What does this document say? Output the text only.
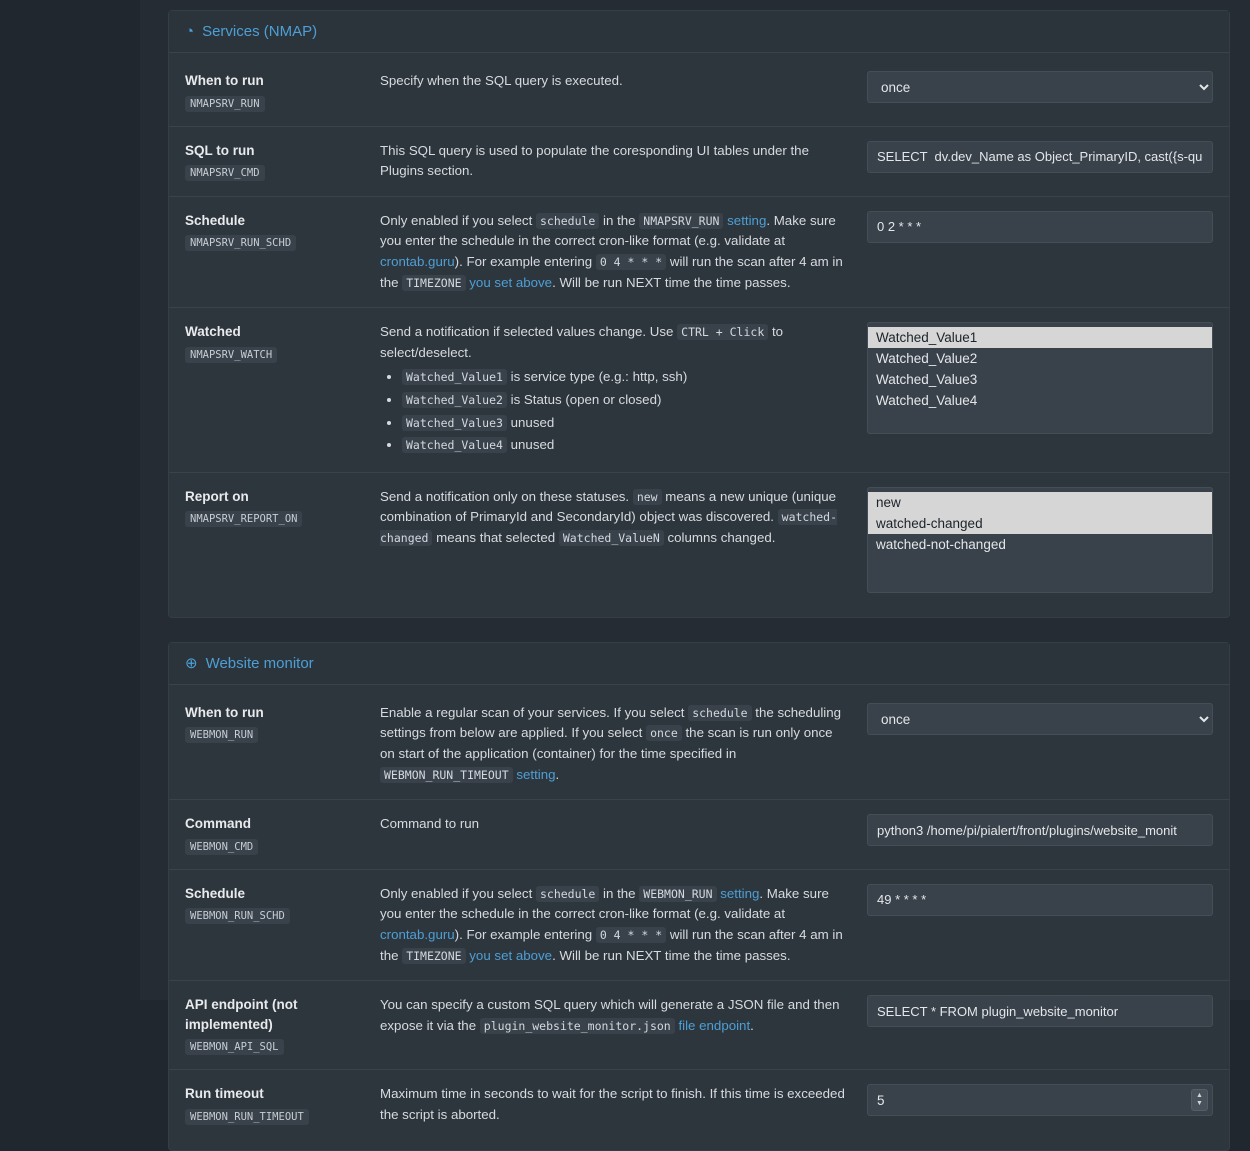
◔ Services (NMAP)
When to run
NMAPSRV_RUN
Specify when the SQL query is executed.
once
SQL to run
NMAPSRV_CMD
This SQL query is used to populate the coresponding UI tables under the Plugins section.
SELECT dv.dev_Name as Object_PrimaryID, cast({s-quo
Schedule
NMAPSRV_RUN_SCHD
Only enabled if you select schedule in the NMAPSRV_RUN setting. Make sure you enter the schedule in the correct cron-like format (e.g. validate at crontab.guru). For example entering 0 4 * * * will run the scan after 4 am in the TIMEZONE you set above. Will be run NEXT time the time passes.
0 2 * * *
Watched
NMAPSRV_WATCH
Send a notification if selected values change. Use CTRL + Click to select/deselect.
• Watched_Value1 is service type (e.g.: http, ssh)
• Watched_Value2 is Status (open or closed)
• Watched_Value3 unused
• Watched_Value4 unused
Watched_Value1
Watched_Value2
Watched_Value3
Watched_Value4
Report on
NMAPSRV_REPORT_ON
Send a notification only on these statuses. new means a new unique (unique combination of PrimaryId and SecondaryId) object was discovered. watched-changed means that selected Watched_ValueN columns changed.
new
watched-changed
watched-not-changed
⊕ Website monitor
When to run
WEBMON_RUN
Enable a regular scan of your services. If you select schedule the scheduling settings from below are applied. If you select once the scan is run only once on start of the application (container) for the time specified in WEBMON_RUN_TIMEOUT setting.
once
Command
WEBMON_CMD
Command to run
python3 /home/pi/pialert/front/plugins/website_monit
Schedule
WEBMON_RUN_SCHD
Only enabled if you select schedule in the WEBMON_RUN setting. Make sure you enter the schedule in the correct cron-like format (e.g. validate at crontab.guru). For example entering 0 4 * * * will run the scan after 4 am in the TIMEZONE you set above. Will be run NEXT time the time passes.
49 * * * *
API endpoint (not implemented)
WEBMON_API_SQL
You can specify a custom SQL query which will generate a JSON file and then expose it via the plugin_website_monitor.json file endpoint.
SELECT * FROM plugin_website_monitor
Run timeout
WEBMON_RUN_TIMEOUT
Maximum time in seconds to wait for the script to finish. If this time is exceeded the script is aborted.
5
▲
▼
